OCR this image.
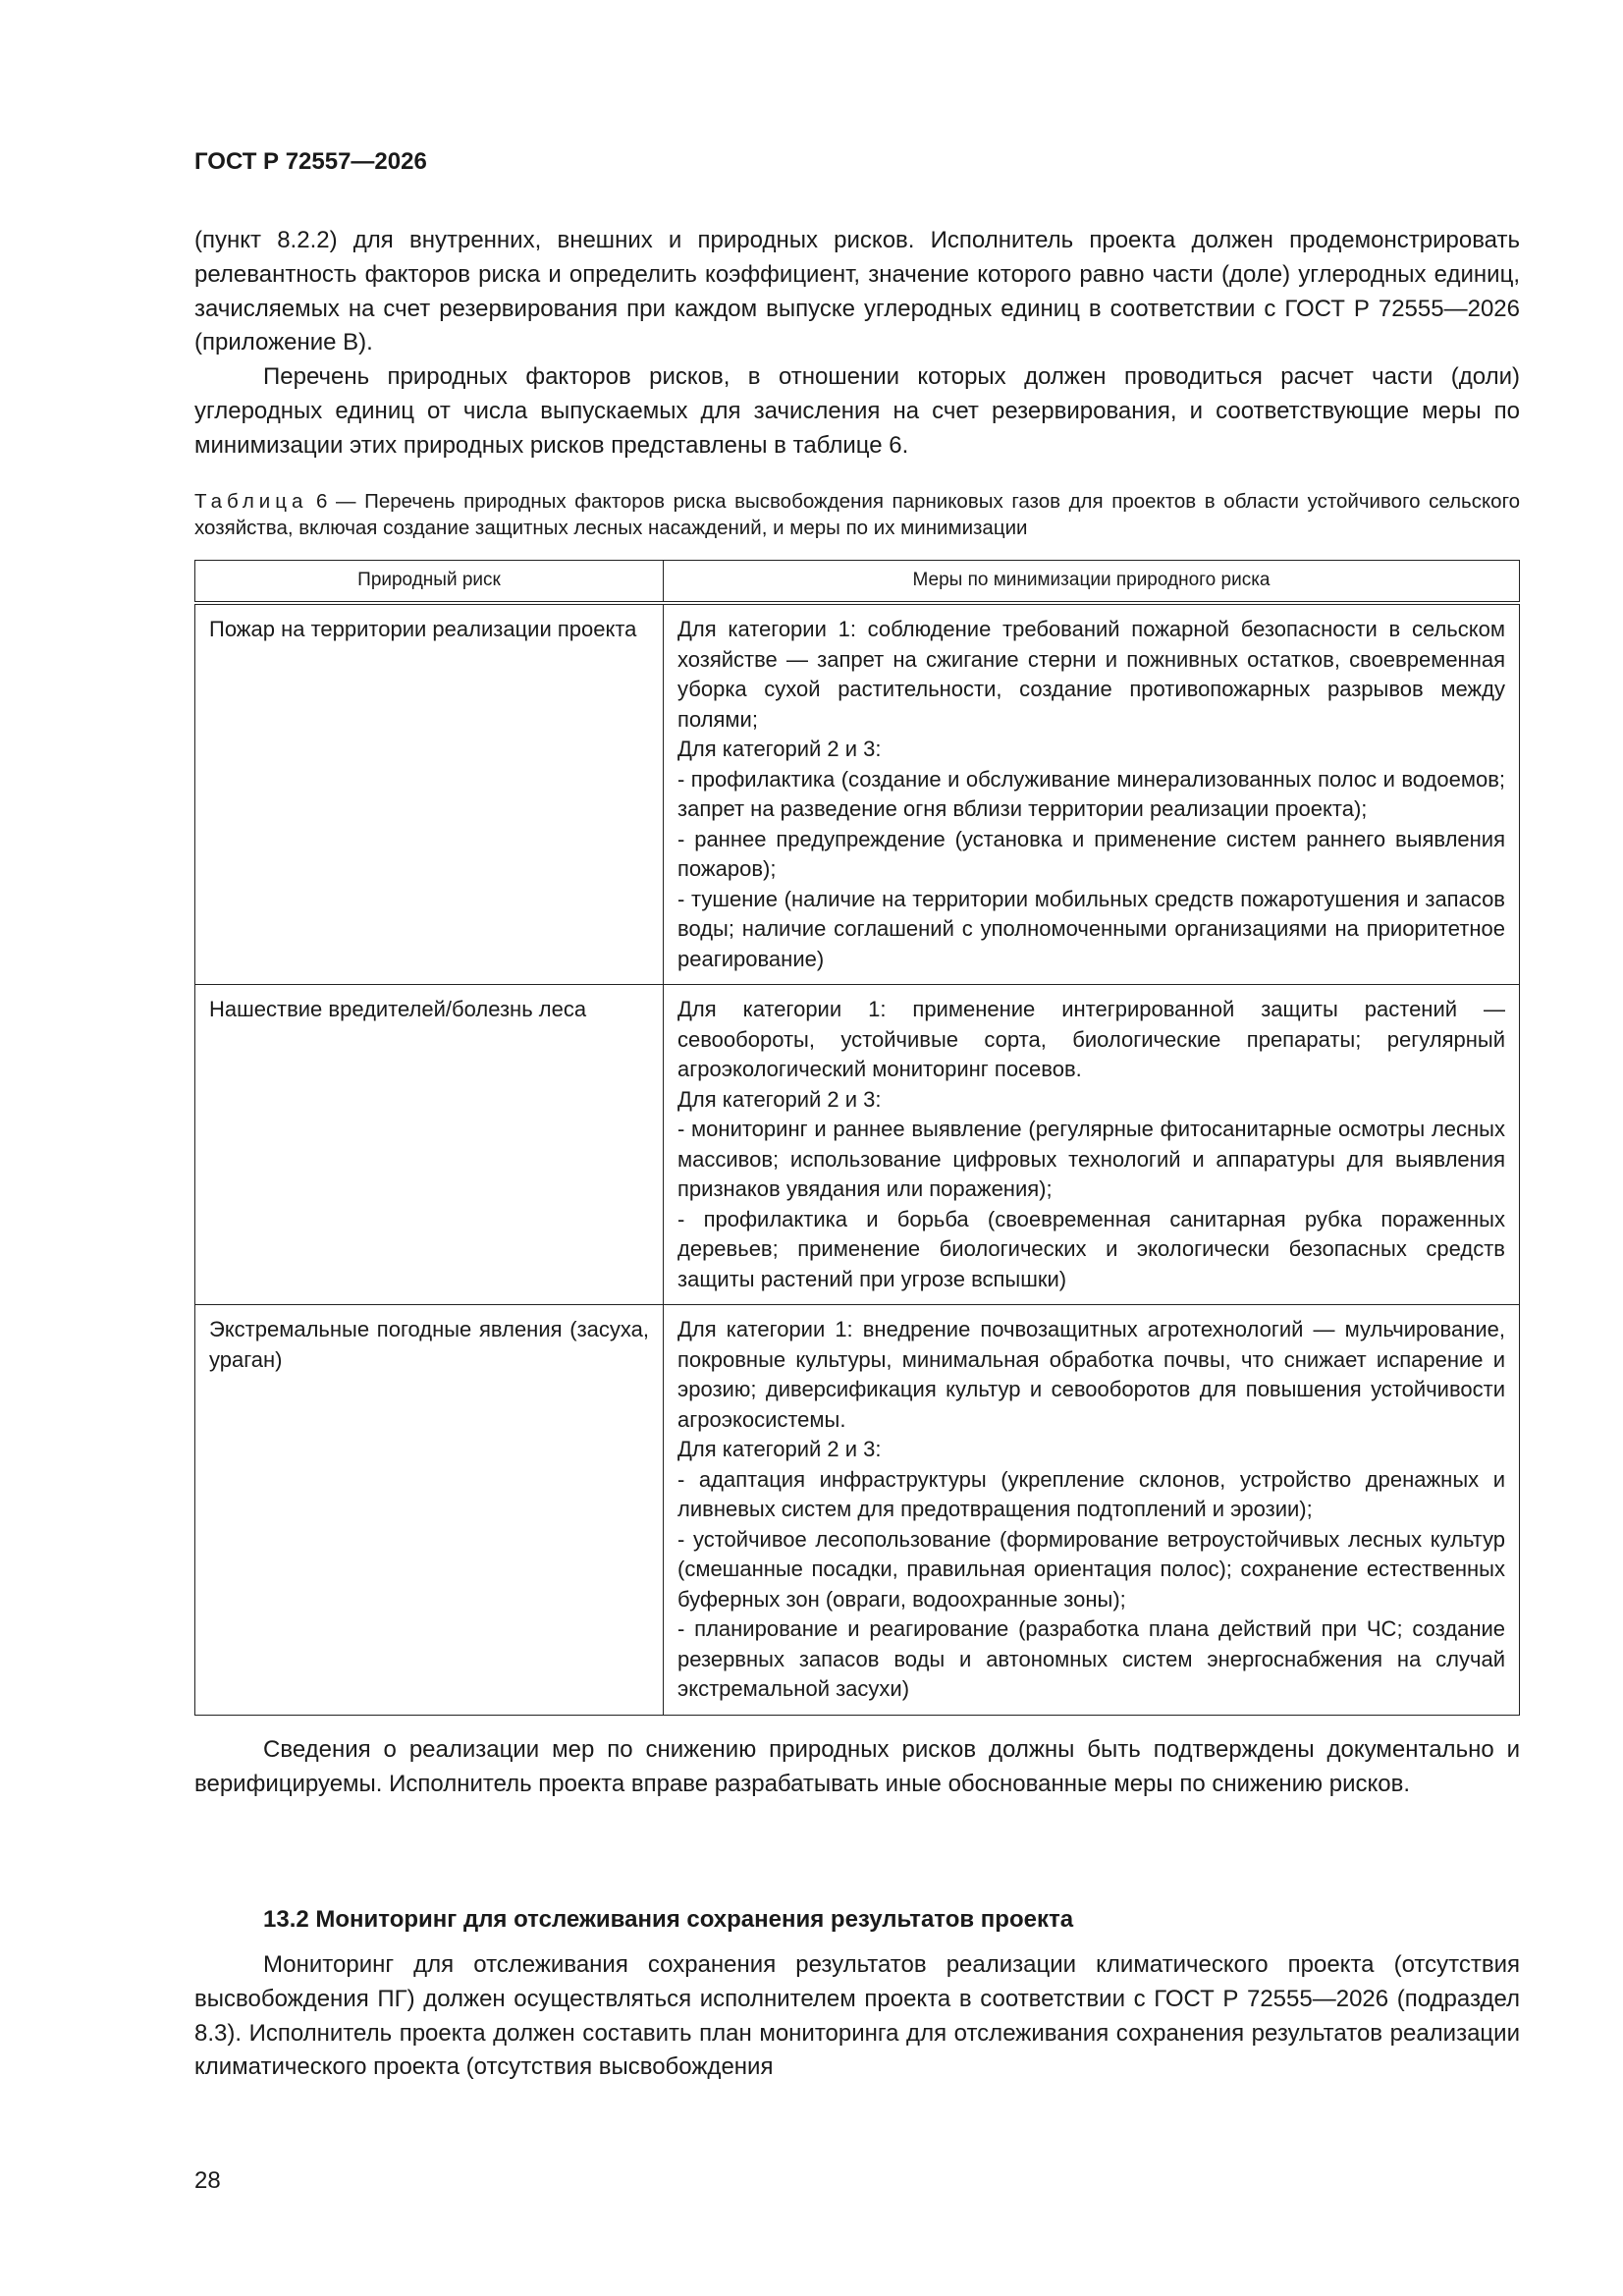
ГОСТ Р 72557—2026

(пункт 8.2.2) для внутренних, внешних и природных рисков. Исполнитель проекта должен продемонстрировать релевантность факторов риска и определить коэффициент, значение которого равно части (доле) углеродных единиц, зачисляемых на счет резервирования при каждом выпуске углеродных единиц в соответствии с ГОСТ Р 72555—2026 (приложение В).

Перечень природных факторов рисков, в отношении которых должен проводиться расчет части (доли) углеродных единиц от числа выпускаемых для зачисления на счет резервирования, и соответствующие меры по минимизации этих природных рисков представлены в таблице 6.

Таблица 6 — Перечень природных факторов риска высвобождения парниковых газов для проектов в области устойчивого сельского хозяйства, включая создание защитных лесных насаждений, и меры по их минимизации

Природный риск	Меры по минимизации природного риска
Пожар на территории реализации проекта	Для категории 1: соблюдение требований пожарной безопасности в сельском хозяйстве — запрет на сжигание стерни и пожнивных остатков, своевременная уборка сухой растительности, создание противопожарных разрывов между полями;
Для категорий 2 и 3:
- профилактика (создание и обслуживание минерализованных полос и водоемов; запрет на разведение огня вблизи территории реализации проекта);
- раннее предупреждение (установка и применение систем раннего выявления пожаров);
- тушение (наличие на территории мобильных средств пожаротушения и запасов воды; наличие соглашений с уполномоченными организациями на приоритетное реагирование)

Нашествие вредителей/болезнь леса	Для категории 1: применение интегрированной защиты растений — севообороты, устойчивые сорта, биологические препараты; регулярный агроэкологический мониторинг посевов.
Для категорий 2 и 3:
- мониторинг и раннее выявление (регулярные фитосанитарные осмотры лесных массивов; использование цифровых технологий и аппаратуры для выявления признаков увядания или поражения);
- профилактика и борьба (своевременная санитарная рубка пораженных деревьев; применение биологических и экологически безопасных средств защиты растений при угрозе вспышки)

Экстремальные погодные явления (засуха, ураган)	Для категории 1: внедрение почвозащитных агротехнологий — мульчирование, покровные культуры, минимальная обработка почвы, что снижает испарение и эрозию; диверсификация культур и севооборотов для повышения устойчивости агроэкосистемы.
Для категорий 2 и 3:
- адаптация инфраструктуры (укрепление склонов, устройство дренажных и ливневых систем для предотвращения подтоплений и эрозии);
- устойчивое лесопользование (формирование ветроустойчивых лесных культур (смешанные посадки, правильная ориентация полос); сохранение естественных буферных зон (овраги, водоохранные зоны);
- планирование и реагирование (разработка плана действий при ЧС; создание резервных запасов воды и автономных систем энергоснабжения на случай экстремальной засухи)

Сведения о реализации мер по снижению природных рисков должны быть подтверждены документально и верифицируемы. Исполнитель проекта вправе разрабатывать иные обоснованные меры по снижению рисков.

13.2 Мониторинг для отслеживания сохранения результатов проекта

Мониторинг для отслеживания сохранения результатов реализации климатического проекта (отсутствия высвобождения ПГ) должен осуществляться исполнителем проекта в соответствии с ГОСТ Р 72555—2026 (подраздел 8.3). Исполнитель проекта должен составить план мониторинга для отслеживания сохранения результатов реализации климатического проекта (отсутствия высвобождения

28
